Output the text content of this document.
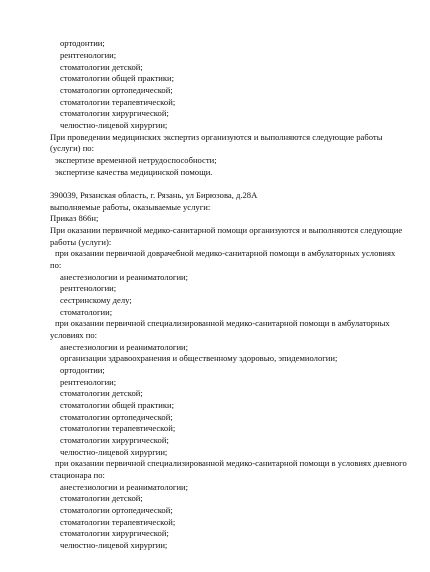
ортодонтии;
рентгенологии;
стоматологии детской;
стоматологии общей практики;
стоматологии ортопедической;
стоматологии терапевтической;
стоматологии хирургической;
челюстно-лицевой хирургии;
При проведении медицинских экспертиз организуются и выполняются следующие работы
(услуги) по:
экспертизе временной нетрудоспособности;
экспертизе качества медицинской помощи.
390039, Рязанская область, г. Рязань, ул Бирюзова, д.28А
выполняемые работы, оказываемые услуги:
Приказ 866н;
При оказании первичной медико-санитарной помощи организуются и выполняются следующие
работы (услуги):
при оказании первичной доврачебной медико-санитарной помощи в амбулаторных условиях
по:
анестезиологии и реаниматологии;
рентгенологии;
сестринскому делу;
стоматологии;
при оказании первичной специализированной медико-санитарной помощи в амбулаторных
условиях по:
анестезиологии и реаниматологии;
организации здравоохранения и общественному здоровью, эпидемиологии;
ортодонтии;
рентгенологии;
стоматологии детской;
стоматологии общей практики;
стоматологии ортопедической;
стоматологии терапевтической;
стоматологии хирургической;
челюстно-лицевой хирургии;
при оказании первичной специализированной медико-санитарной помощи в условиях дневного
стационара по:
анестезиологии и реаниматологии;
стоматологии детской;
стоматологии ортопедической;
стоматологии терапевтической;
стоматологии хирургической;
челюстно-лицевой хирургии;
